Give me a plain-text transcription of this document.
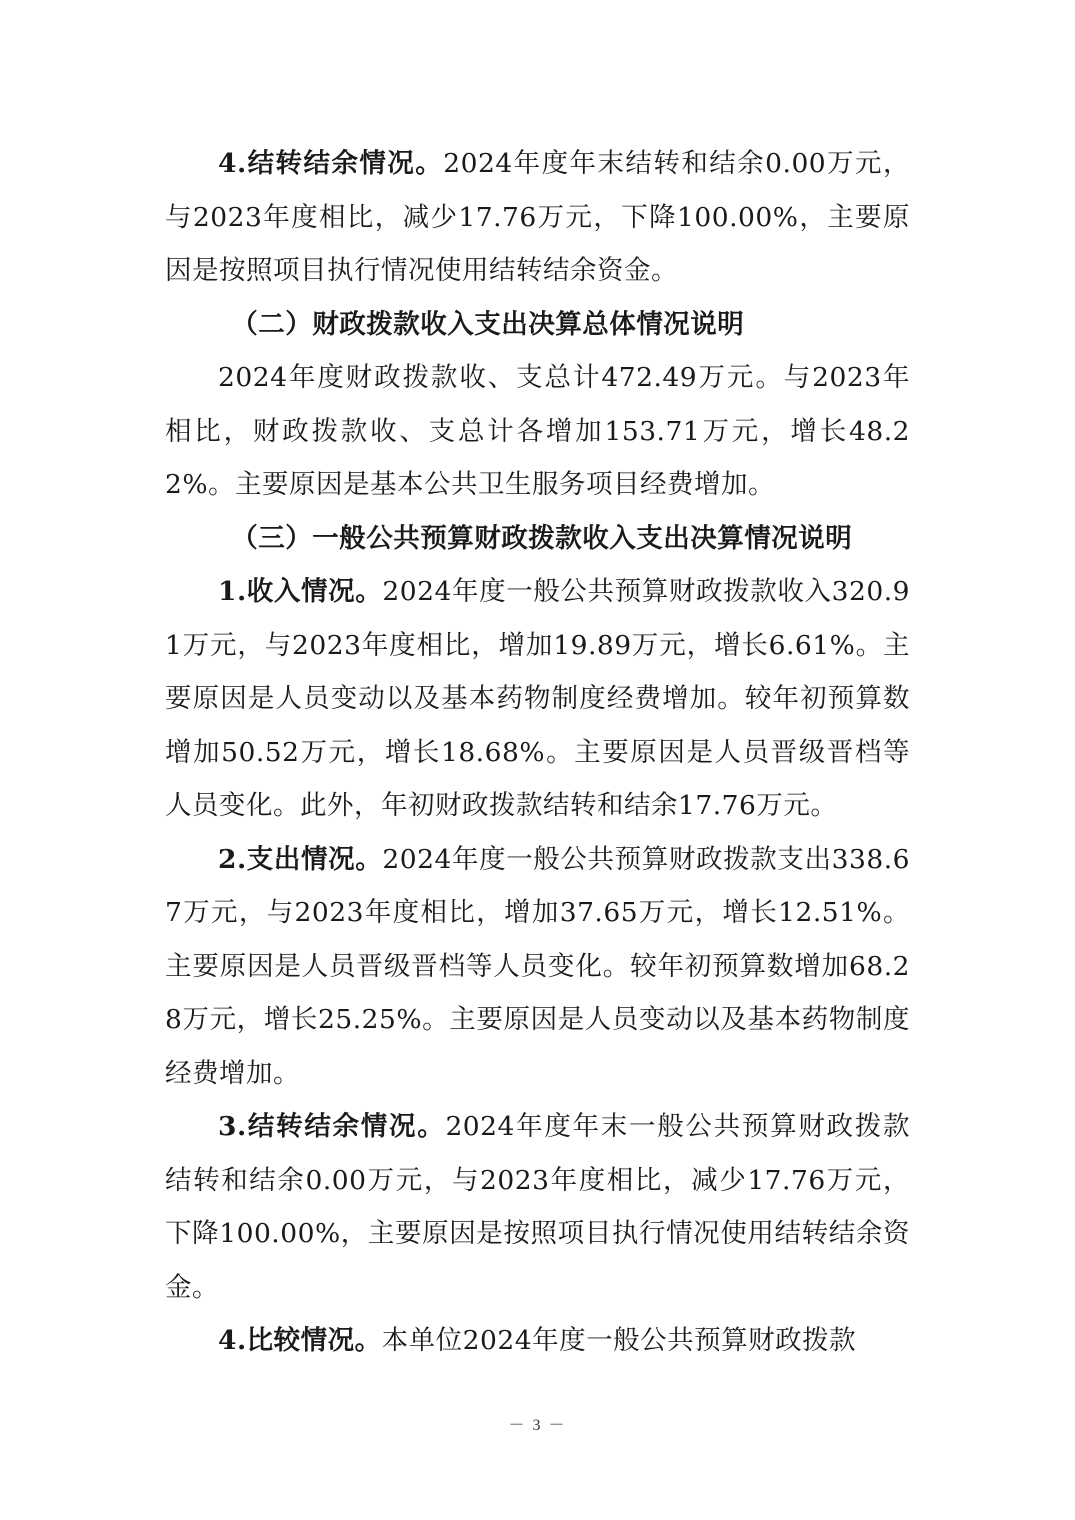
4.结转结余情况。2024年度年末结转和结余0.00万元，与2023年度相比，减少17.76万元，下降100.00%，主要原因是按照项目执行情况使用结转结余资金。

（二）财政拨款收入支出决算总体情况说明

2024年度财政拨款收、支总计472.49万元。与2023年相比，财政拨款收、支总计各增加153.71万元，增长48.22%。主要原因是基本公共卫生服务项目经费增加。

（三）一般公共预算财政拨款收入支出决算情况说明

1.收入情况。2024年度一般公共预算财政拨款收入320.91万元，与2023年度相比，增加19.89万元，增长6.61%。主要原因是人员变动以及基本药物制度经费增加。较年初预算数增加50.52万元，增长18.68%。主要原因是人员晋级晋档等人员变化。此外，年初财政拨款结转和结余17.76万元。

2.支出情况。2024年度一般公共预算财政拨款支出338.67万元，与2023年度相比，增加37.65万元，增长12.51%。主要原因是人员晋级晋档等人员变化。较年初预算数增加68.28万元，增长25.25%。主要原因是人员变动以及基本药物制度经费增加。

3.结转结余情况。2024年度年末一般公共预算财政拨款结转和结余0.00万元，与2023年度相比，减少17.76万元，下降100.00%，主要原因是按照项目执行情况使用结转结余资金。

4.比较情况。本单位2024年度一般公共预算财政拨款

－ 3 －
